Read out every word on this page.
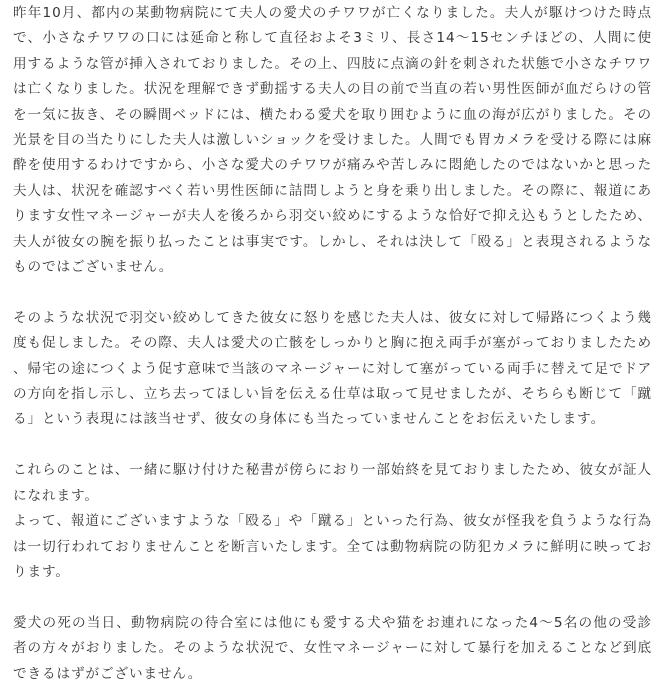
昨年10月、都内の某動物病院にて夫人の愛犬のチワワが亡くなりました。夫人が駆けつけた時点で、小さなチワワの口には延命と称して直径およそ3ミリ、長さ14〜15センチほどの、人間に使用するような管が挿入されておりました。その上、四肢に点滴の針を刺された状態で小さなチワワは亡くなりました。状況を理解できず動揺する夫人の目の前で当直の若い男性医師が血だらけの管を一気に抜き、その瞬間ベッドには、横たわる愛犬を取り囲むように血の海が広がりました。その光景を目の当たりにした夫人は激しいショックを受けました。人間でも胃カメラを受ける際には麻酔を使用するわけですから、小さな愛犬のチワワが痛みや苦しみに悶絶したのではないかと思った夫人は、状況を確認すべく若い男性医師に詰問しようと身を乗り出しました。その際に、報道にあります女性マネージャーが夫人を後ろから羽交い絞めにするような恰好で抑え込もうとしたため、夫人が彼女の腕を振り払ったことは事実です。しかし、それは決して「殴る」と表現されるようなものではございません。

そのような状況で羽交い絞めしてきた彼女に怒りを感じた夫人は、彼女に対して帰路につくよう幾度も促しました。その際、夫人は愛犬の亡骸をしっかりと胸に抱え両手が塞がっておりましたため、帰宅の途につくよう促す意味で当該のマネージャーに対して塞がっている両手に替えて足でドアの方向を指し示し、立ち去ってほしい旨を伝える仕草は取って見せましたが、そちらも断じて「蹴る」という表現には該当せず、彼女の身体にも当たっていませんことをお伝えいたします。

これらのことは、一緒に駆け付けた秘書が傍らにおり一部始終を見ておりましたため、彼女が証人になれます。
よって、報道にございますような「殴る」や「蹴る」といった行為、彼女が怪我を負うような行為は一切行われておりませんことを断言いたします。全ては動物病院の防犯カメラに鮮明に映っております。

愛犬の死の当日、動物病院の待合室には他にも愛する犬や猫をお連れになった4〜5名の他の受診者の方々がおりました。そのような状況で、女性マネージャーに対して暴行を加えることなど到底できるはずがございません。
